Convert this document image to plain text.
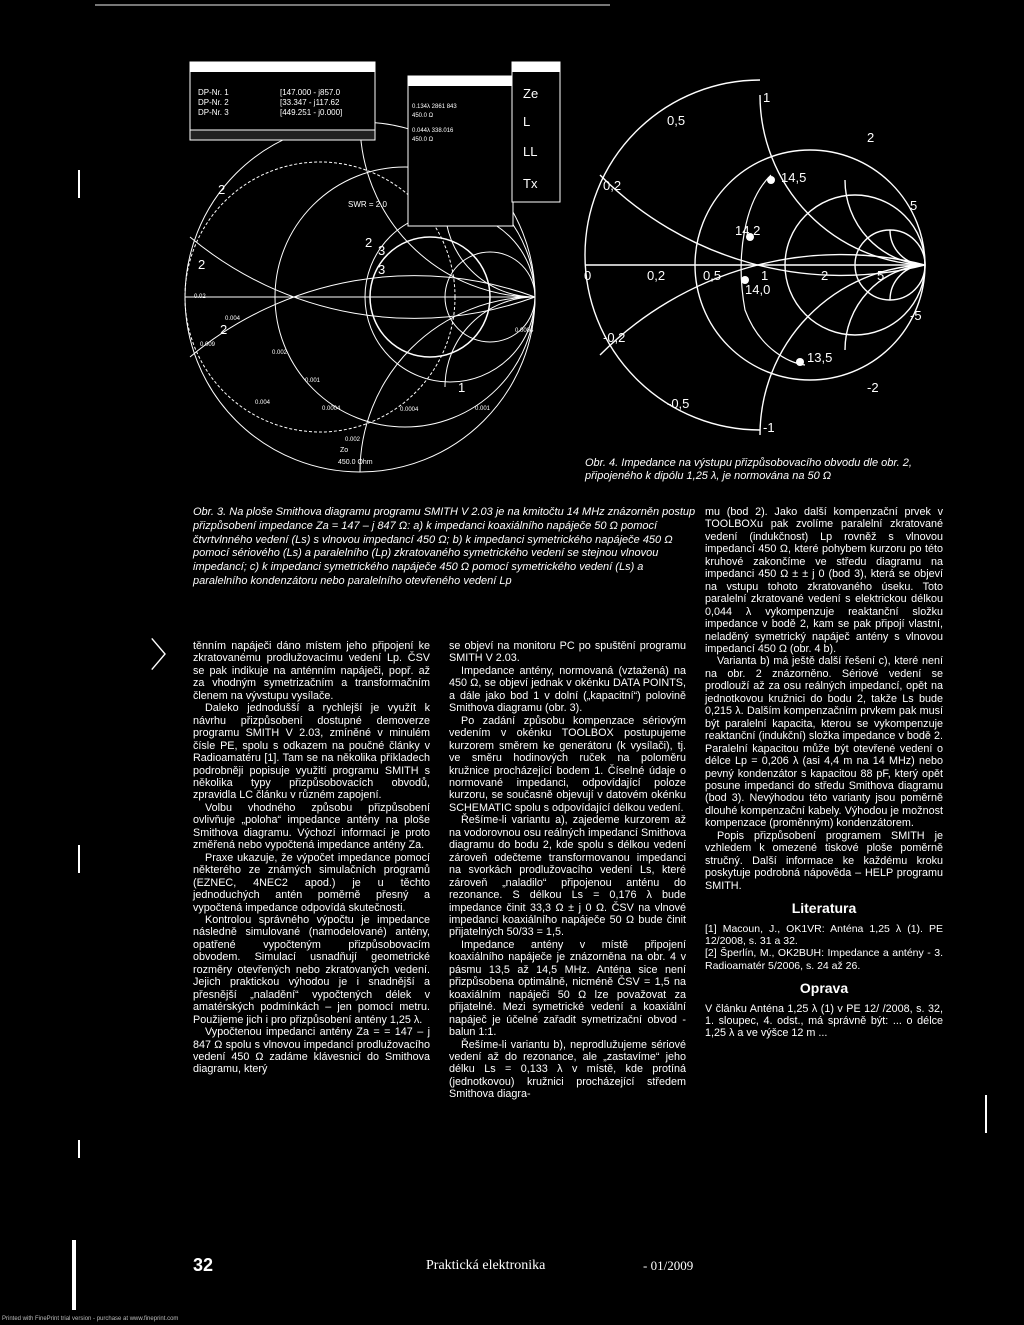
DP-Nr. 1	[147.000 - j857.0
DP-Nr. 2	[33.347 - j117.62
DP-Nr. 3	[449.251 - j0.000]
0.134λ 2861 843
450.0 Ω
0.044λ 338.016
450.0 Ω
Ze
L
LL
Tx
SWR = 2.0
2
2
2
2
3
3
1
0.02
0.009
0.004
0.002
0.001
0.0004
0.004
0.001
0.0004
0.002
0.0004
Zo
450.0 Ohm
0	0,2	0,5	1	2	5
0,2
-0,2
0,5
-0,5
1
-1
2
-2
5
-5
14,5
14,2
14,0
13,5
Obr. 4. Impedance na výstupu přizpůsobovacího obvodu dle obr. 2, připojeného k dipólu 1,25 λ, je normována na 50 Ω
Obr. 3. Na ploše Smithova diagramu programu SMITH V 2.03 je na kmitočtu 14 MHz znázorněn postup přizpůsobení impedance Za = 147 – j 847 Ω: a) k impedanci koaxiálního napáječe 50 Ω pomocí čtvrtvlnného vedení (Ls) s vlnovou impedancí 450 Ω; b) k impedanci symetrického napáječe 450 Ω pomocí sériového (Ls) a paralelního (Lp) zkratovaného symetrického vedení se stejnou vlnovou impedancí; c) k impedanci symetrického napáječe 450 Ω pomocí symetrického vedení (Ls) a paralelního kondenzátoru nebo paralelního otevřeného vedení Lp
〉 těnním napáječi dáno místem jeho připojení ke zkratovanému prodlužovacímu vedení Lp. ČSV se pak indikuje na anténním napáječi, popř. až za vhodným symetrizačním a transformačním členem na vývstupu vysílače.

Daleko jednodušší a rychlejší je využít k návrhu přizpůsobení dostupné demoverze programu SMITH V 2.03, zmíněné v minulém čísle PE, spolu s odkazem na poučné články v Radioamatéru [1]. Tam se na několika příkladech podrobněji popisuje využití programu SMITH s několika typy přizpůsobovacích obvodů, zpravidla LC článku v různém zapojení.

Volbu vhodného způsobu přizpůsobení ovlivňuje „poloha“ impedance antény na ploše Smithova diagramu. Výchozí informací je proto změřená nebo vypočtená impedance antény Za.

Praxe ukazuje, že výpočet impedance pomocí některého ze známých simulačních programů (EZNEC, 4NEC2 apod.) je u těchto jednoduchých antén poměrně přesný a vypočtená impedance odpovídá skutečnosti.

Kontrolou správného výpočtu je impedance následně simulované (namodelované) antény, opatřené vypočteným přizpůsobovacím obvodem. Simulací usnadňují geometrické rozměry otevřených nebo zkratovaných vedení. Jejich praktickou výhodou je i snadnější a přesnější „naladění“ vypočtených délek v amatérských podmínkách – jen pomocí metru. Použijeme jich i pro přizpůsobení antény 1,25 λ.

Vypočtenou impedanci antény Za = = 147 – j 847 Ω spolu s vlnovou impedancí prodlužovacího vedení 450 Ω zadáme klávesnicí do Smithova diagramu, který

se objeví na monitoru PC po spuštění programu SMITH V 2.03.

Impedance antény, normovaná (vztažená) na 450 Ω, se objeví jednak v okénku DATA POINTS, a dále jako bod 1 v dolní („kapacitní“) polovině Smithova diagramu (obr. 3).

Po zadání způsobu kompenzace sériovým vedením v okénku TOOLBOX postupujeme kurzorem směrem ke generátoru (k vysílači), tj. ve směru hodinových ruček na poloměru kružnice procházející bodem 1. Číselné údaje o normované impedanci, odpovídající poloze kurzoru, se současně objevují v datovém okénku SCHEMATIC spolu s odpovídající délkou vedení.

Řešíme-li variantu a), zajedeme kurzorem až na vodorovnou osu reálných impedancí Smithova diagramu do bodu 2, kde spolu s délkou vedení zároveň odečteme transformovanou impedanci na svorkách prodlužovacího vedení Ls, které zároveň „naladilo“ připojenou anténu do rezonance. S délkou Ls = 0,176 λ bude impedance činit 33,3 Ω ± j 0 Ω. ČSV na vlnové impedanci koaxiálního napáječe 50 Ω bude činit přijatelných 50/33 = 1,5.

Impedance antény v místě připojení koaxiálního napáječe je znázorněna na obr. 4 v pásmu 13,5 až 14,5 MHz. Anténa sice není přizpůsobena optimálně, nicméně ČSV = 1,5 na koaxiálním napáječi 50 Ω lze považovat za přijatelné. Mezi symetrické vedení a koaxiální napáječ je účelné zařadit symetrizační obvod - balun 1:1.

Řešíme-li variantu b), neprodlužujeme sériové vedení až do rezonance, ale „zastavíme“ jeho délku Ls = 0,133 λ v místě, kde protíná (jednotkovou) kružnici procházející středem Smithova diagra-

mu (bod 2). Jako další kompenzační prvek v TOOLBOXu pak zvolíme paralelní zkratované vedení (indukčnost) Lp rovněž s vlnovou impedancí 450 Ω, které pohybem kurzoru po této kruhové zakončíme ve středu diagramu na impedanci 450 Ω ± ± j 0 (bod 3), která se objeví na vstupu tohoto zkratovaného úseku. Toto paralelní zkratované vedení s elektrickou délkou 0,044 λ vykompenzuje reaktanční složku impedance v bodě 2, kam se pak připojí vlastní, neladěný symetrický napáječ antény s vlnovou impedancí 450 Ω (obr. 4 b).

Varianta b) má ještě další řešení c), které není na obr. 2 znázorněno. Sériové vedení se prodlouží až za osu reálných impedancí, opět na jednotkovou kružnici do bodu 2, takže Ls bude 0,215 λ. Dalším kompenzačním prvkem pak musí být paralelní kapacita, kterou se vykompenzuje reaktanční (indukční) složka impedance v bodě 2. Paralelní kapacitou může být otevřené vedení o délce Lp = 0,206 λ (asi 4,4 m na 14 MHz) nebo pevný kondenzátor s kapacitou 88 pF, který opět posune impedanci do středu Smithova diagramu (bod 3). Nevýhodou této varianty jsou poměrně dlouhé kompenzační kabely. Výhodou je možnost kompenzace (proměnným) kondenzátorem.

Popis přizpůsobení programem SMITH je vzhledem k omezené tiskové ploše poměrně stručný. Další informace ke každému kroku poskytuje podrobná nápověda – HELP programu SMITH.

Literatura
[1] Macoun, J., OK1VR: Anténa 1,25 λ (1). PE 12/2008, s. 31 a 32.
[2] Šperlín, M., OK2BUH: Impedance a antény - 3. Radioamatér 5/2006, s. 24 až 26.
Oprava

V článku Anténa 1,25 λ (1) v PE 12/ /2008, s. 32, 1. sloupec, 4. odst., má správně být: ... o délce 1,25 λ a ve výšce 12 m ...

32	Praktická elektronika	- 01/2009
Printed with FinePrint trial version - purchase at www.fineprint.com
